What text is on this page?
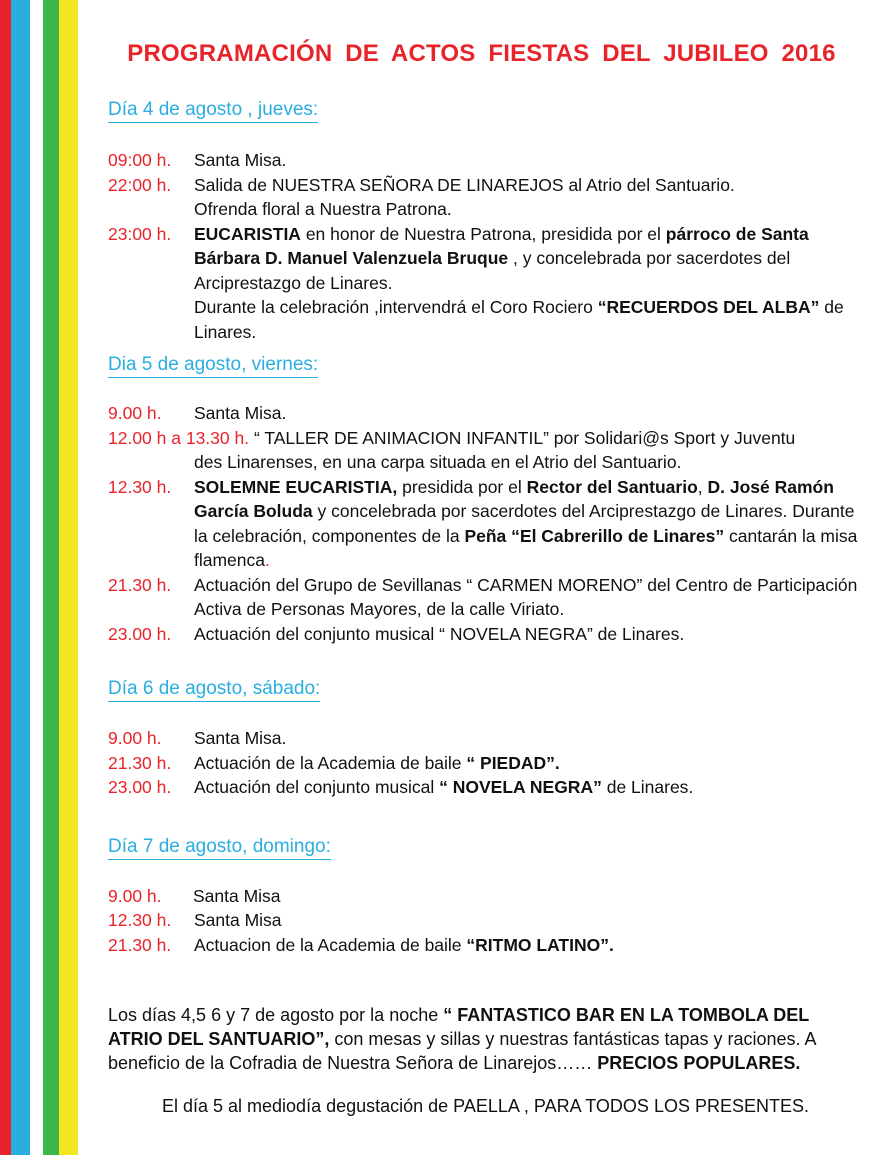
PROGRAMACIÓN DE ACTOS FIESTAS DEL JUBILEO 2016
Día 4 de agosto , jueves:
09:00 h.	Santa Misa.
22:00 h.	Salida de NUESTRA SEÑORA DE LINAREJOS al Atrio del Santuario.
Ofrenda floral a Nuestra Patrona.
23:00 h.	EUCARISTIA en honor de Nuestra Patrona, presidida por el párroco de Santa Bárbara D. Manuel Valenzuela Bruque , y concelebrada por sacerdotes del Arciprestazgo de Linares.
Durante la celebración ,intervendrá el Coro Rociero “RECUERDOS DEL ALBA” de Linares.
Dia 5 de agosto, viernes:
9.00 h.	Santa Misa.
12.00 h a 13.30 h. “ TALLER DE ANIMACION INFANTIL” por Solidari@s Sport y Juventu
des Linarenses, en una carpa situada en el Atrio del Santuario.
12.30 h.	SOLEMNE EUCARISTIA, presidida por el Rector del Santuario, D. José Ramón García Boluda y concelebrada por sacerdotes del Arciprestazgo de Linares. Durante la celebración, componentes de la Peña “El Cabrerillo de Linares” cantarán la misa flamenca.
21.30 h.	Actuación del Grupo de Sevillanas “ CARMEN MORENO” del Centro de Participación Activa de Personas Mayores, de la calle Viriato.
23.00 h.	Actuación del conjunto musical “ NOVELA NEGRA” de Linares.
Día 6 de agosto, sábado:
9.00 h.	Santa Misa.
21.30 h.	Actuación de la Academia de baile “ PIEDAD”.
23.00 h.	Actuación del conjunto musical “ NOVELA NEGRA” de Linares.
Día 7 de agosto, domingo:
9.00 h.	Santa Misa
12.30 h.	Santa Misa
21.30 h.	Actuacion de la Academia de baile “RITMO LATINO”.
Los días 4,5 6 y 7 de agosto por la noche “ FANTASTICO BAR EN LA TOMBOLA DEL ATRIO DEL SANTUARIO”, con mesas y sillas y nuestras fantásticas tapas y raciones. A beneficio de la Cofradia de Nuestra Señora de Linarejos…… PRECIOS POPULARES.
El día 5 al mediodía degustación de PAELLA , PARA TODOS LOS PRESENTES.
